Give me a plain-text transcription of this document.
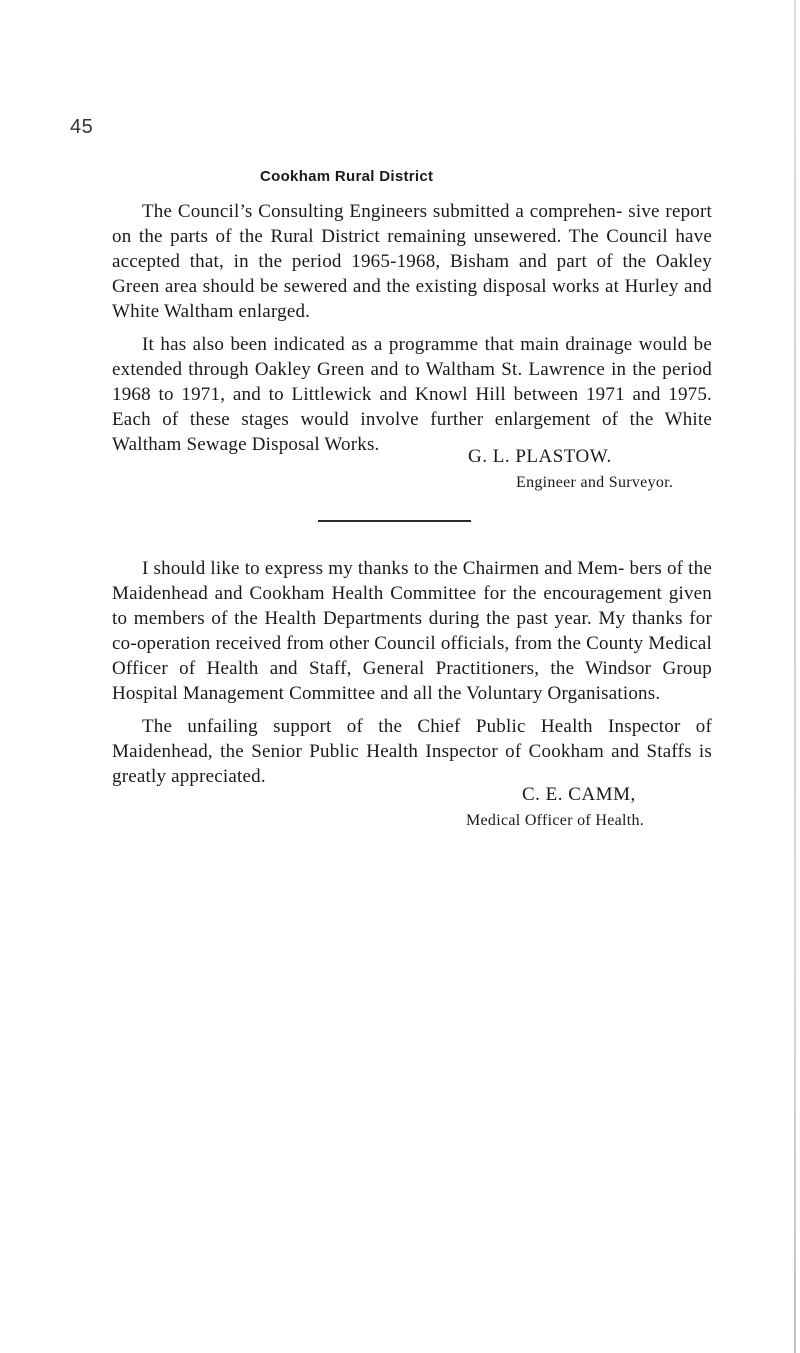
45
Cookham Rural District

The Council’s Consulting Engineers submitted a comprehen- sive report on the parts of the Rural District remaining unsewered. The Council have accepted that, in the period 1965-1968, Bisham and part of the Oakley Green area should be sewered and the existing disposal works at Hurley and White Waltham enlarged.

It has also been indicated as a programme that main drainage would be extended through Oakley Green and to Waltham St. Lawrence in the period 1968 to 1971, and to Littlewick and Knowl Hill between 1971 and 1975. Each of these stages would involve further enlargement of the White Waltham Sewage Disposal Works.

G. L. PLASTOW.
Engineer and Surveyor.

I should like to express my thanks to the Chairmen and Mem- bers of the Maidenhead and Cookham Health Committee for the encouragement given to members of the Health Departments during the past year. My thanks for co-operation received from other Council officials, from the County Medical Officer of Health and Staff, General Practitioners, the Windsor Group Hospital Management Committee and all the Voluntary Organisations.

The unfailing support of the Chief Public Health Inspector of Maidenhead, the Senior Public Health Inspector of Cookham and Staffs is greatly appreciated.

C. E. CAMM,
Medical Officer of Health.
